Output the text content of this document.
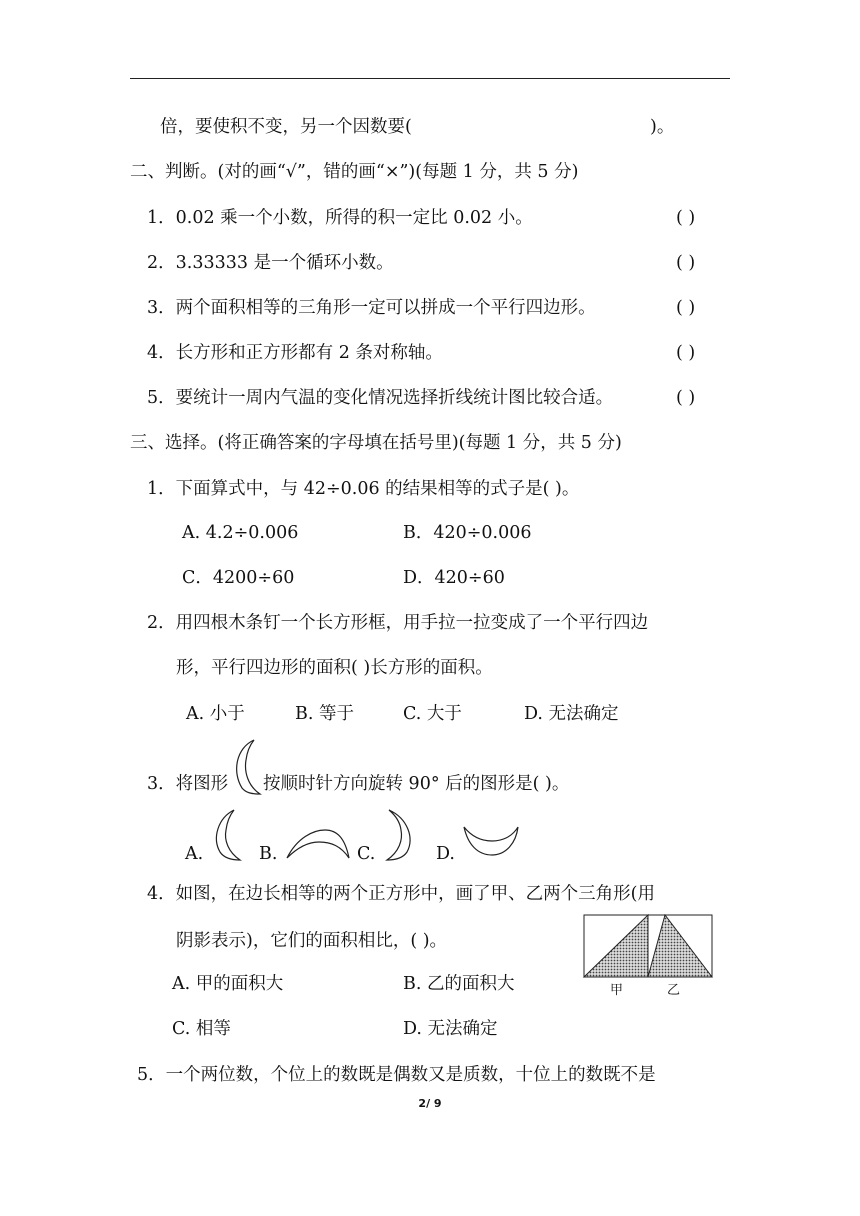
倍，要使积不变，另一个因数要(	)。
二、判断。(对的画“√”，错的画“×”)(每题 1 分，共 5 分)
1．0.02 乘一个小数，所得的积一定比 0.02 小。	( )
2．3.33333 是一个循环小数。	( )
3．两个面积相等的三角形一定可以拼成一个平行四边形。	( )
4．长方形和正方形都有 2 条对称轴。	( )
5．要统计一周内气温的变化情况选择折线统计图比较合适。	( )
三、选择。(将正确答案的字母填在括号里)(每题 1 分，共 5 分)
1．下面算式中，与 42÷0.06 的结果相等的式子是( )。
A. 4.2÷0.006	B．420÷0.006
C．4200÷60	D．420÷60
2．用四根木条钉一个长方形框，用手拉一拉变成了一个平行四边
形，平行四边形的面积( )长方形的面积。
A. 小于	B. 等于	C. 大于	D. 无法确定
3．将图形 按顺时针方向旋转 90° 后的图形是( )。
A.	B.	C.	D.
4．如图，在边长相等的两个正方形中，画了甲、乙两个三角形(用
阴影表示)，它们的面积相比，( )。
A. 甲的面积大	B. 乙的面积大
C. 相等	D. 无法确定
甲	乙
5．一个两位数，个位上的数既是偶数又是质数，十位上的数既不是
2/ 9
